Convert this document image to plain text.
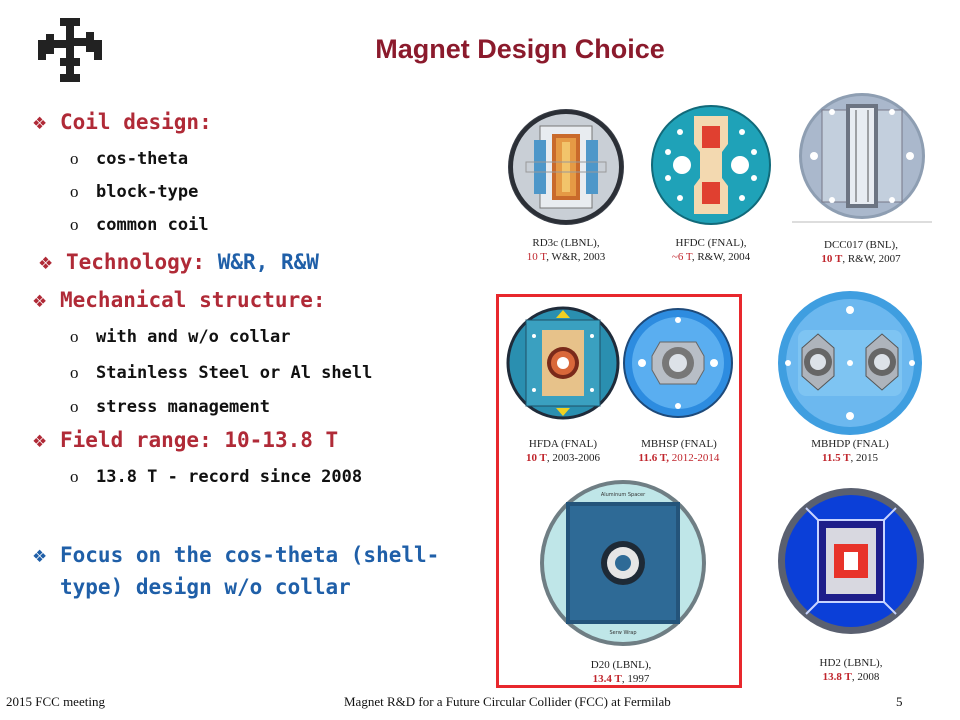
Magnet Design Choice
❖ Coil design:
o cos-theta
o block-type
o common coil
❖ Technology: W&R, R&W
❖ Mechanical structure:
o with and w/o collar
o Stainless Steel or Al shell
o stress management
❖ Field range: 10-13.8 T
o 13.8 T - record since 2008
❖ Focus on the cos-theta (shell-
type) design w/o collar
RD3c (LBNL),
10 T, W&R, 2003
HFDC (FNAL),
~6 T, R&W, 2004
DCC017 (BNL),
10 T, R&W, 2007
HFDA (FNAL)
10 T, 2003-2006
MBHSP (FNAL)
11.6 T, 2012-2014
MBHDP (FNAL)
11.5 T, 2015
Aluminum Spacer
Serw Wrap
D20 (LBNL),
13.4 T, 1997
HD2 (LBNL),
13.8 T, 2008
2015 FCC meeting	Magnet R&D for a Future Circular Collider (FCC) at Fermilab	5
